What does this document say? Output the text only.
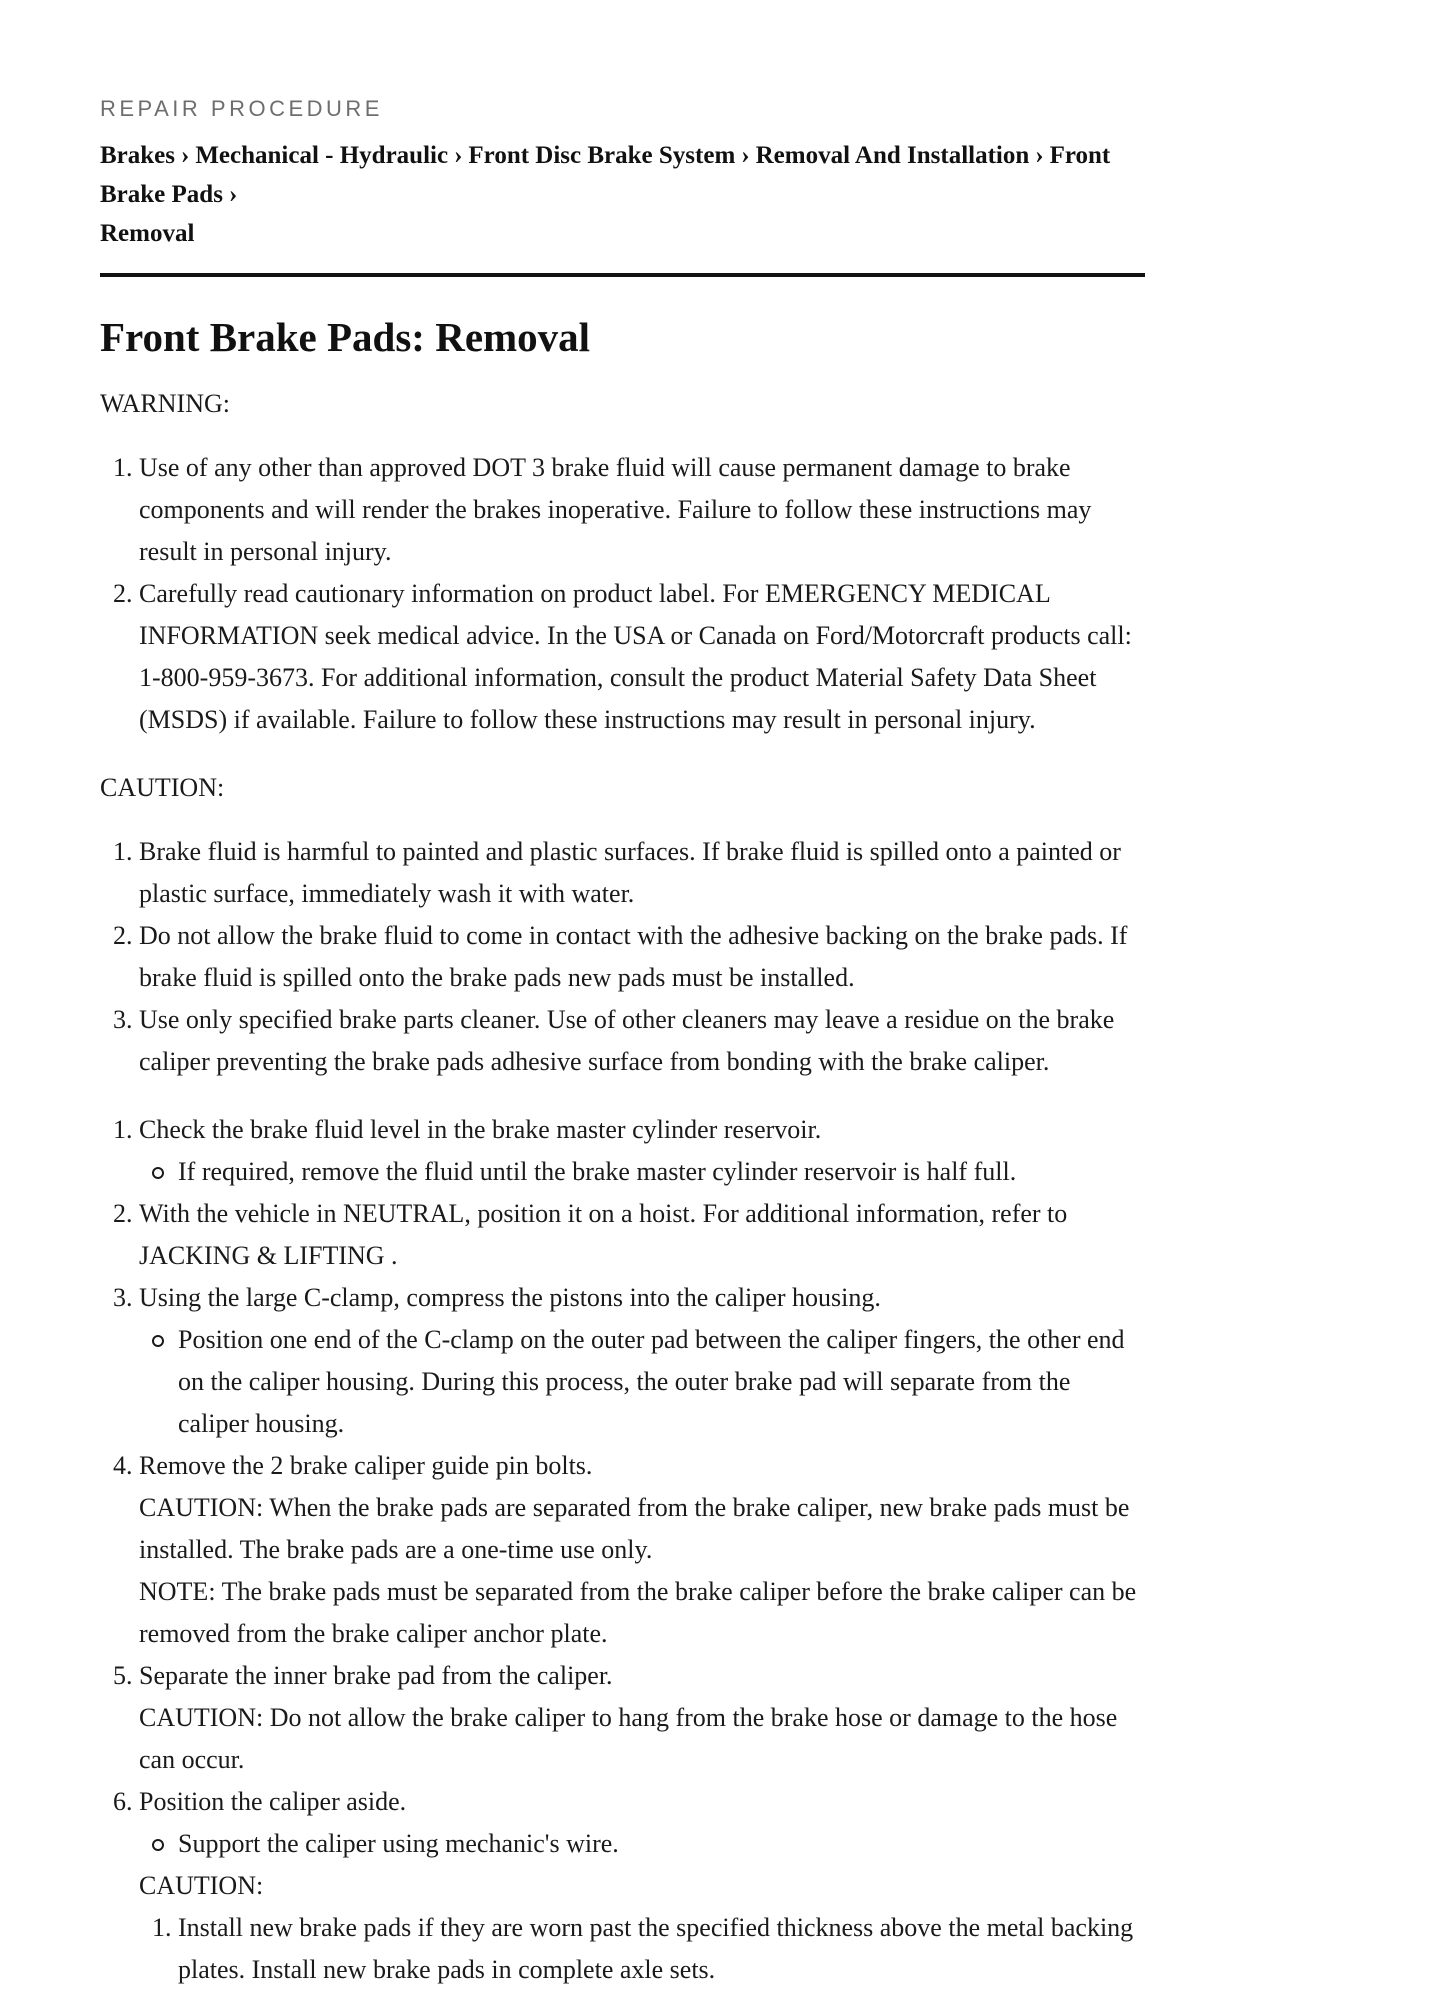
REPAIR PROCEDURE
Brakes › Mechanical - Hydraulic › Front Disc Brake System › Removal And Installation › Front Brake Pads ›
Removal
Front Brake Pads: Removal
WARNING:
1. Use of any other than approved DOT 3 brake fluid will cause permanent damage to brake components and will render the brakes inoperative. Failure to follow these instructions may result in personal injury.
2. Carefully read cautionary information on product label. For EMERGENCY MEDICAL INFORMATION seek medical advice. In the USA or Canada on Ford/Motorcraft products call: 1-800-959-3673. For additional information, consult the product Material Safety Data Sheet (MSDS) if available. Failure to follow these instructions may result in personal injury.
CAUTION:
1. Brake fluid is harmful to painted and plastic surfaces. If brake fluid is spilled onto a painted or plastic surface, immediately wash it with water.
2. Do not allow the brake fluid to come in contact with the adhesive backing on the brake pads. If brake fluid is spilled onto the brake pads new pads must be installed.
3. Use only specified brake parts cleaner. Use of other cleaners may leave a residue on the brake caliper preventing the brake pads adhesive surface from bonding with the brake caliper.
1. Check the brake fluid level in the brake master cylinder reservoir.
If required, remove the fluid until the brake master cylinder reservoir is half full.
2. With the vehicle in NEUTRAL, position it on a hoist. For additional information, refer to JACKING & LIFTING .
3. Using the large C-clamp, compress the pistons into the caliper housing.
Position one end of the C-clamp on the outer pad between the caliper fingers, the other end on the caliper housing. During this process, the outer brake pad will separate from the caliper housing.
4. Remove the 2 brake caliper guide pin bolts.
CAUTION: When the brake pads are separated from the brake caliper, new brake pads must be installed. The brake pads are a one-time use only.
NOTE: The brake pads must be separated from the brake caliper before the brake caliper can be removed from the brake caliper anchor plate.
5. Separate the inner brake pad from the caliper.
CAUTION: Do not allow the brake caliper to hang from the brake hose or damage to the hose can occur.
6. Position the caliper aside.
Support the caliper using mechanic's wire.
CAUTION:
1. Install new brake pads if they are worn past the specified thickness above the metal backing plates. Install new brake pads in complete axle sets.
